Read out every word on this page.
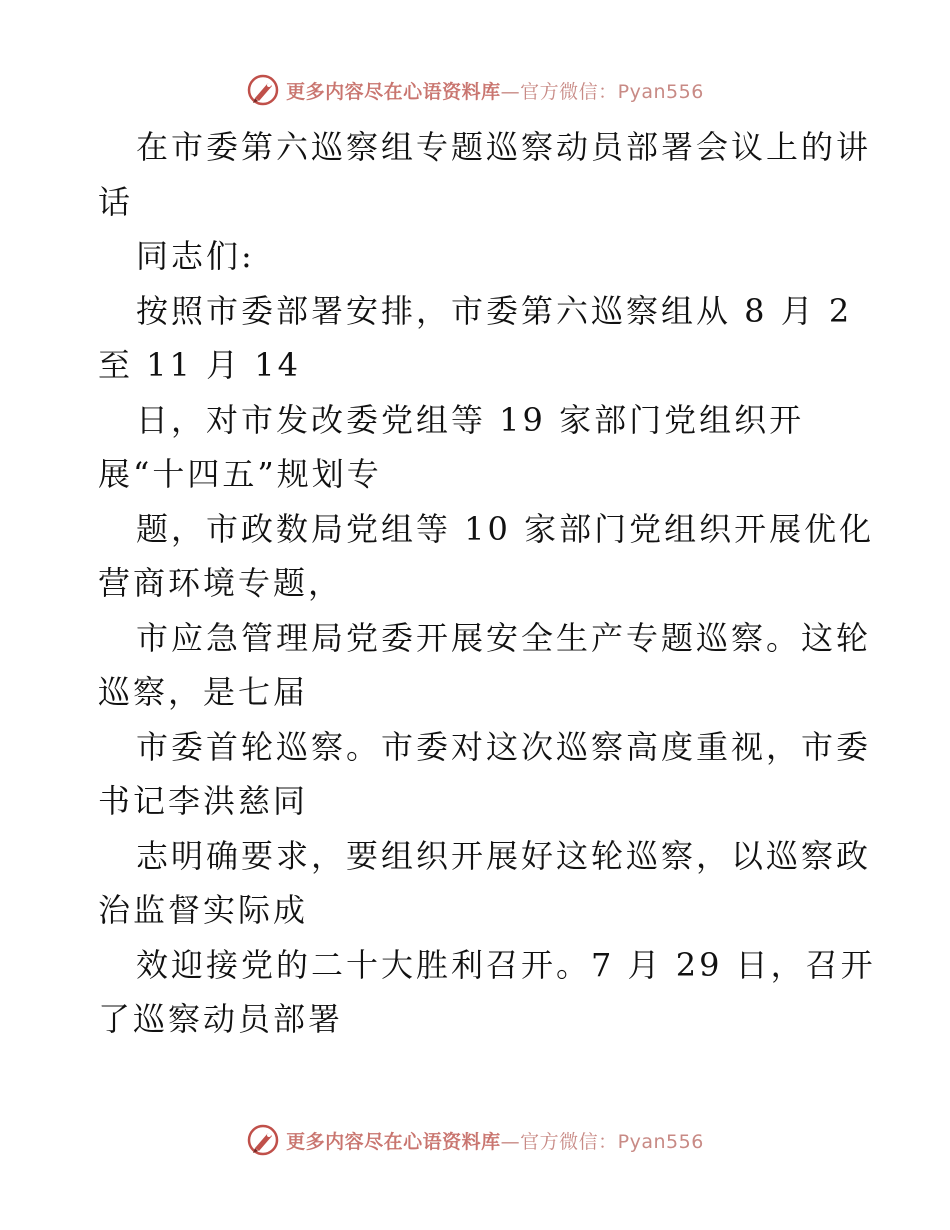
更多内容尽在心语资料库—官方微信：Pyan556
在市委第六巡察组专题巡察动员部署会议上的讲
话
同志们:
按照市委部署安排，市委第六巡察组从 8 月 2
至 11 月 14
日，对市发改委党组等 19 家部门党组织开
展“十四五”规划专
题，市政数局党组等 10 家部门党组织开展优化
营商环境专题，
市应急管理局党委开展安全生产专题巡察。这轮
巡察，是七届
市委首轮巡察。市委对这次巡察高度重视，市委
书记李洪慈同
志明确要求，要组织开展好这轮巡察，以巡察政
治监督实际成
效迎接党的二十大胜利召开。7 月 29 日，召开
了巡察动员部署
更多内容尽在心语资料库—官方微信：Pyan556
